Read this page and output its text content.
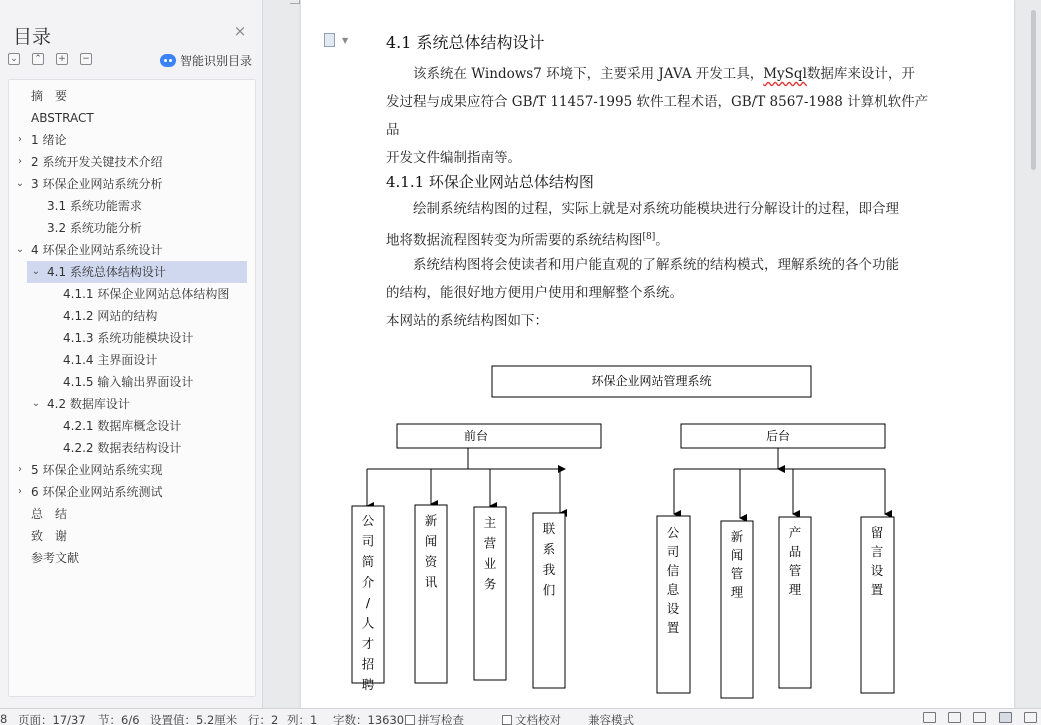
目录	×
⌄ ⌃ + −	智能识别目录
摘　要
ABSTRACT
› 1 绪论
› 2 系统开发关键技术介绍
⌄ 3 环保企业网站系统分析
3.1 系统功能需求
3.2 系统功能分析
⌄ 4 环保企业网站系统设计
⌄ 4.1 系统总体结构设计
4.1.1 环保企业网站总体结构图
4.1.2 网站的结构
4.1.3 系统功能模块设计
4.1.4 主界面设计
4.1.5 输入输出界面设计
⌄ 4.2 数据库设计
4.2.1 数据库概念设计
4.2.2 数据表结构设计
› 5 环保企业网站系统实现
› 6 环保企业网站系统测试
总　结
致　谢
参考文献
▼ 4.1 系统总体结构设计
该系统在 Windows7 环境下，主要采用 JAVA 开发工具，MySql数据库来设计，开
发过程与成果应符合 GB/T 11457-1995 软件工程术语，GB/T 8567-1988 计算机软件产品
开发文件编制指南等。
4.1.1 环保企业网站总体结构图
绘制系统结构图的过程，实际上就是对系统功能模块进行分解设计的过程，即合理
地将数据流程图转变为所需要的系统结构图[8]。
系统结构图将会使读者和用户能直观的了解系统的结构模式，理解系统的各个功能
的结构，能很好地方便用户使用和理解整个系统。
本网站的系统结构图如下：
环保企业网站管理系统
前台	后台
公司简介/人才招聘
新闻资讯
主营业务
联系我们
公司信息设置
新闻管理
产品管理
留言设置
8 页面：17/37 节：6/6 设置值：5.2厘米 行：2 列：1 字数：13630	拼写检查	文档校对 兼容模式
